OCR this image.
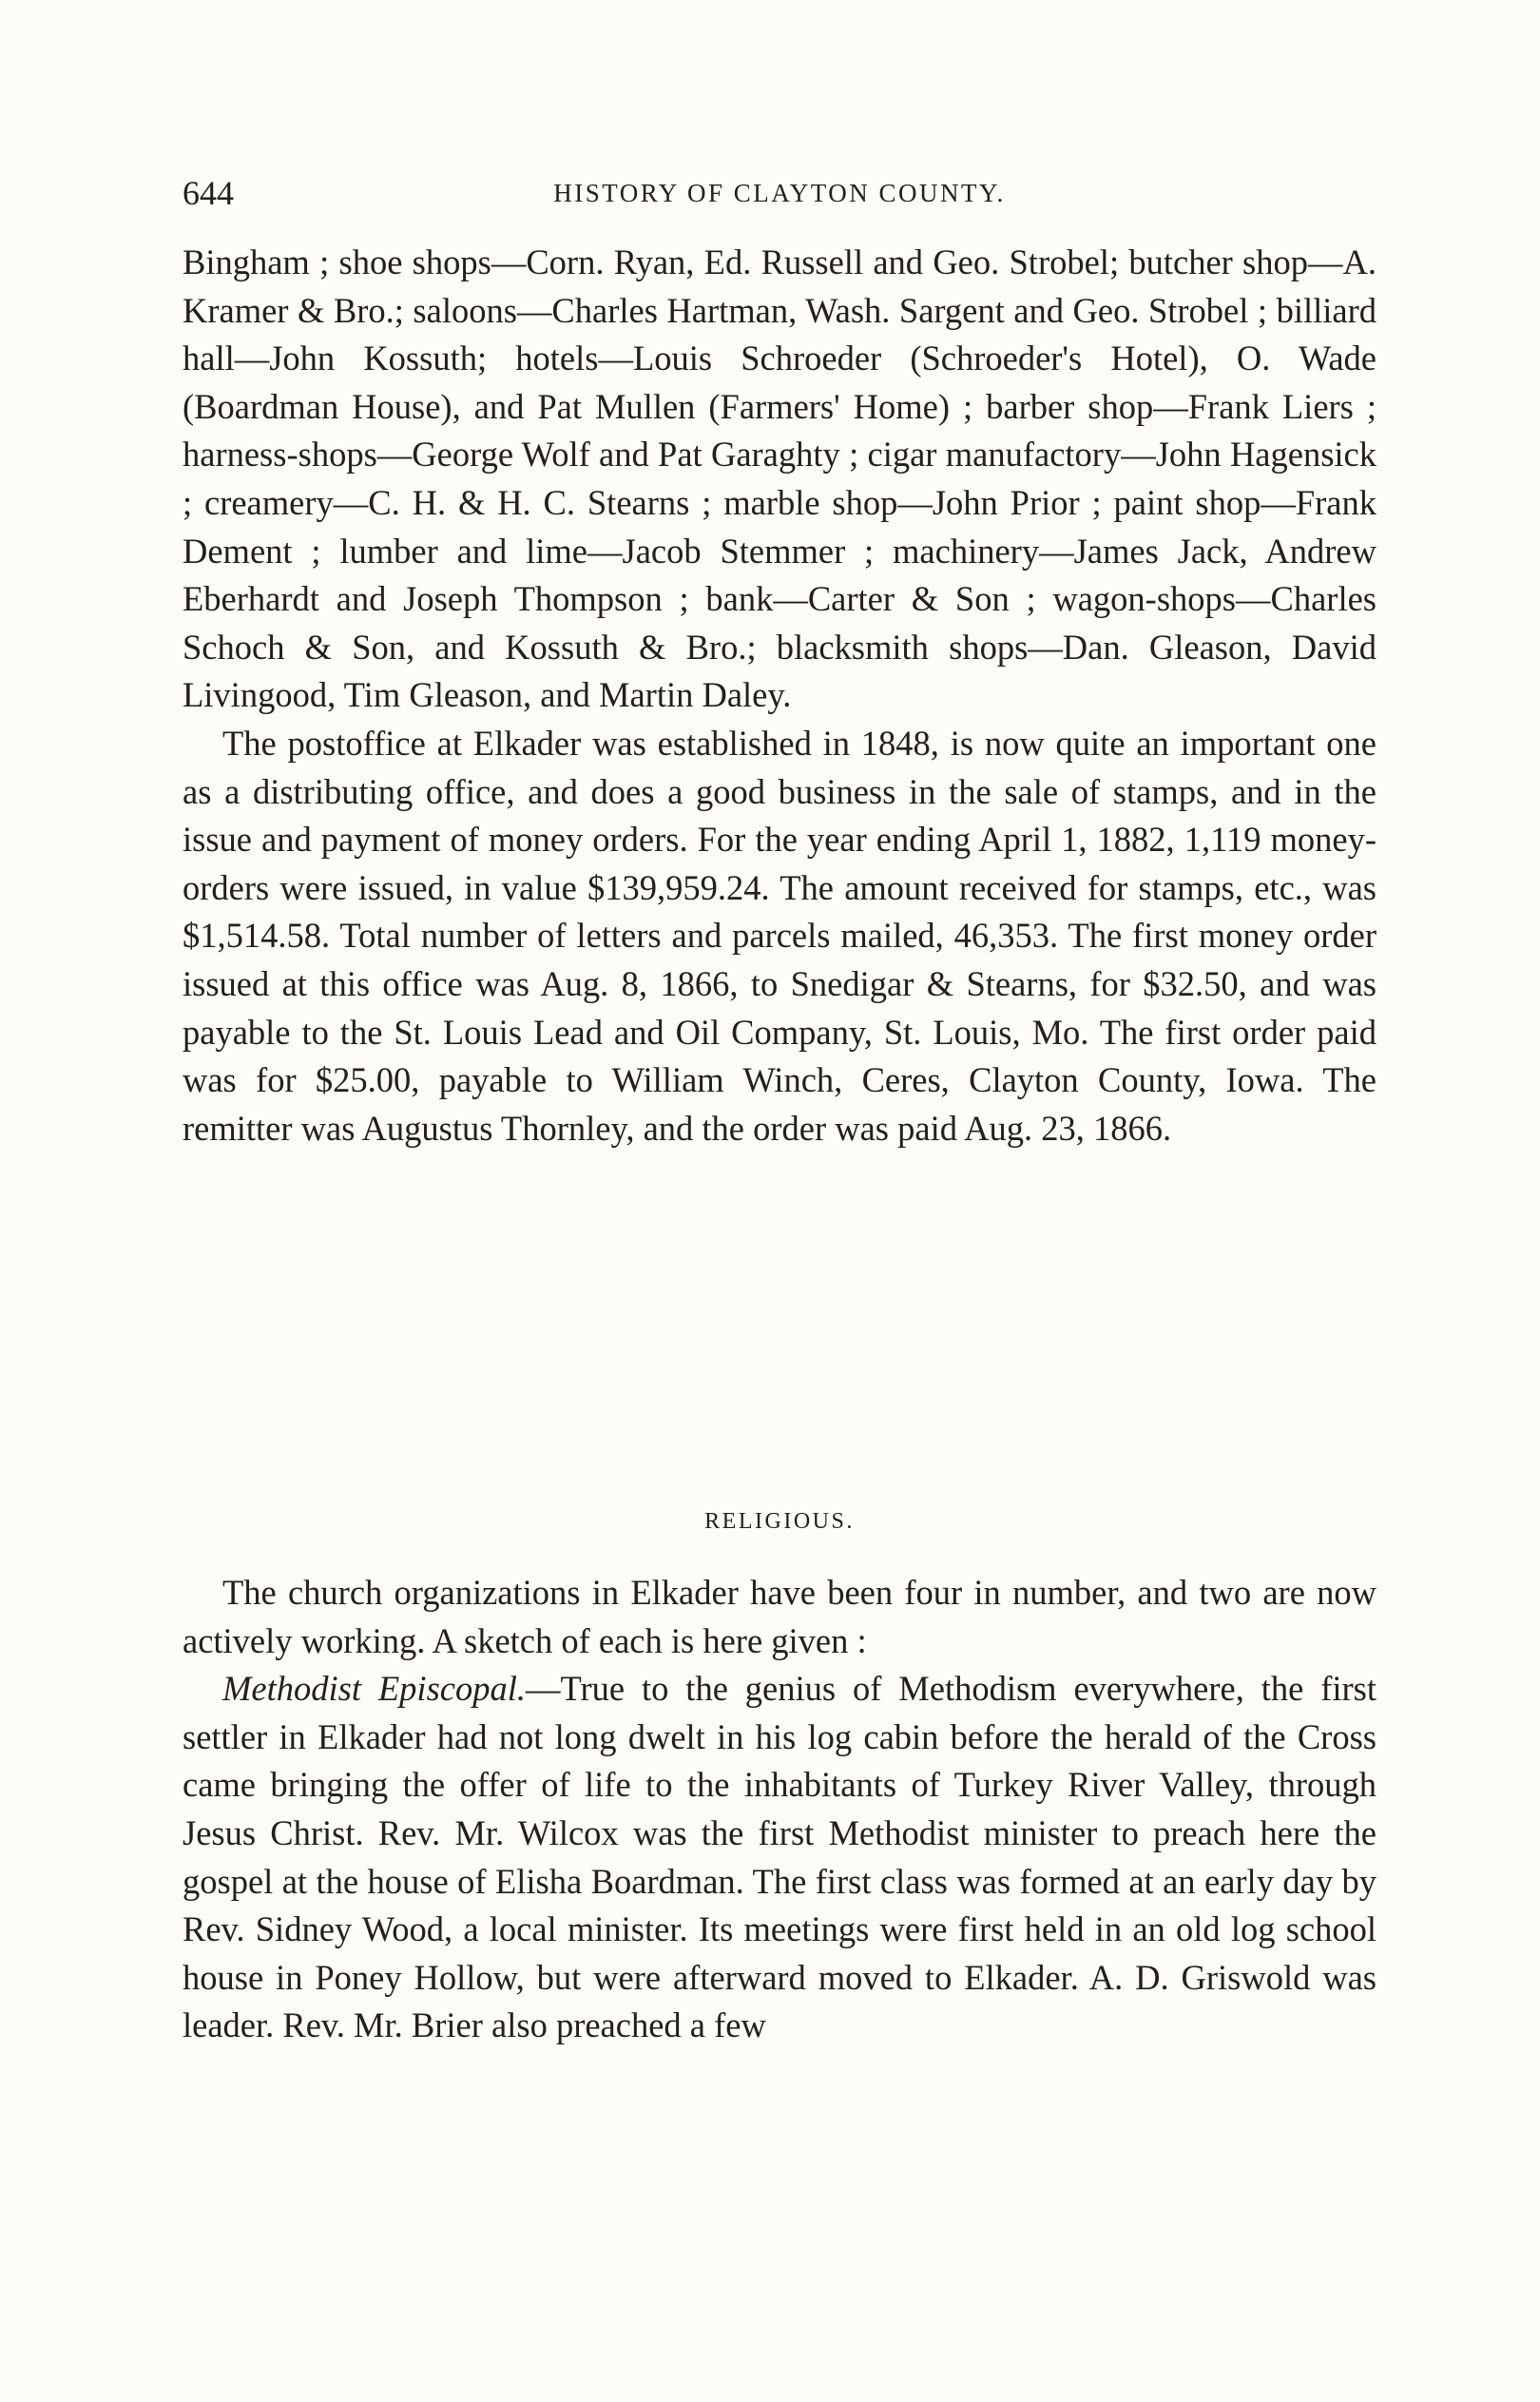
644	HISTORY OF CLAYTON COUNTY.

Bingham ; shoe shops—Corn. Ryan, Ed. Russell and Geo. Strobel; butcher shop—A. Kramer & Bro.; saloons—Charles Hartman, Wash. Sargent and Geo. Strobel ; billiard hall—John Kossuth; hotels—Louis Schroeder (Schroeder's Hotel), O. Wade (Boardman House), and Pat Mullen (Farmers' Home) ; barber shop—Frank Liers ; harness-shops—George Wolf and Pat Garaghty ; cigar manufactory—John Hagensick ; creamery—C. H. & H. C. Stearns ; marble shop—John Prior ; paint shop—Frank Dement ; lumber and lime—Jacob Stemmer ; machinery—James Jack, Andrew Eberhardt and Joseph Thompson ; bank—Carter & Son ; wagon-shops—Charles Schoch & Son, and Kossuth & Bro.; blacksmith shops—Dan. Gleason, David Livingood, Tim Gleason, and Martin Daley.

The postoffice at Elkader was established in 1848, is now quite an important one as a distributing office, and does a good business in the sale of stamps, and in the issue and payment of money orders. For the year ending April 1, 1882, 1,119 money-orders were issued, in value $139,959.24. The amount received for stamps, etc., was $1,514.58. Total number of letters and parcels mailed, 46,353. The first money order issued at this office was Aug. 8, 1866, to Snedigar & Stearns, for $32.50, and was payable to the St. Louis Lead and Oil Company, St. Louis, Mo. The first order paid was for $25.00, payable to William Winch, Ceres, Clayton County, Iowa. The remitter was Augustus Thornley, and the order was paid Aug. 23, 1866.

RELIGIOUS.

The church organizations in Elkader have been four in number, and two are now actively working. A sketch of each is here given :

Methodist Episcopal.—True to the genius of Methodism everywhere, the first settler in Elkader had not long dwelt in his log cabin before the herald of the Cross came bringing the offer of life to the inhabitants of Turkey River Valley, through Jesus Christ. Rev. Mr. Wilcox was the first Methodist minister to preach here the gospel at the house of Elisha Boardman. The first class was formed at an early day by Rev. Sidney Wood, a local minister. Its meetings were first held in an old log school house in Poney Hollow, but were afterward moved to Elkader. A. D. Griswold was leader. Rev. Mr. Brier also preached a few
